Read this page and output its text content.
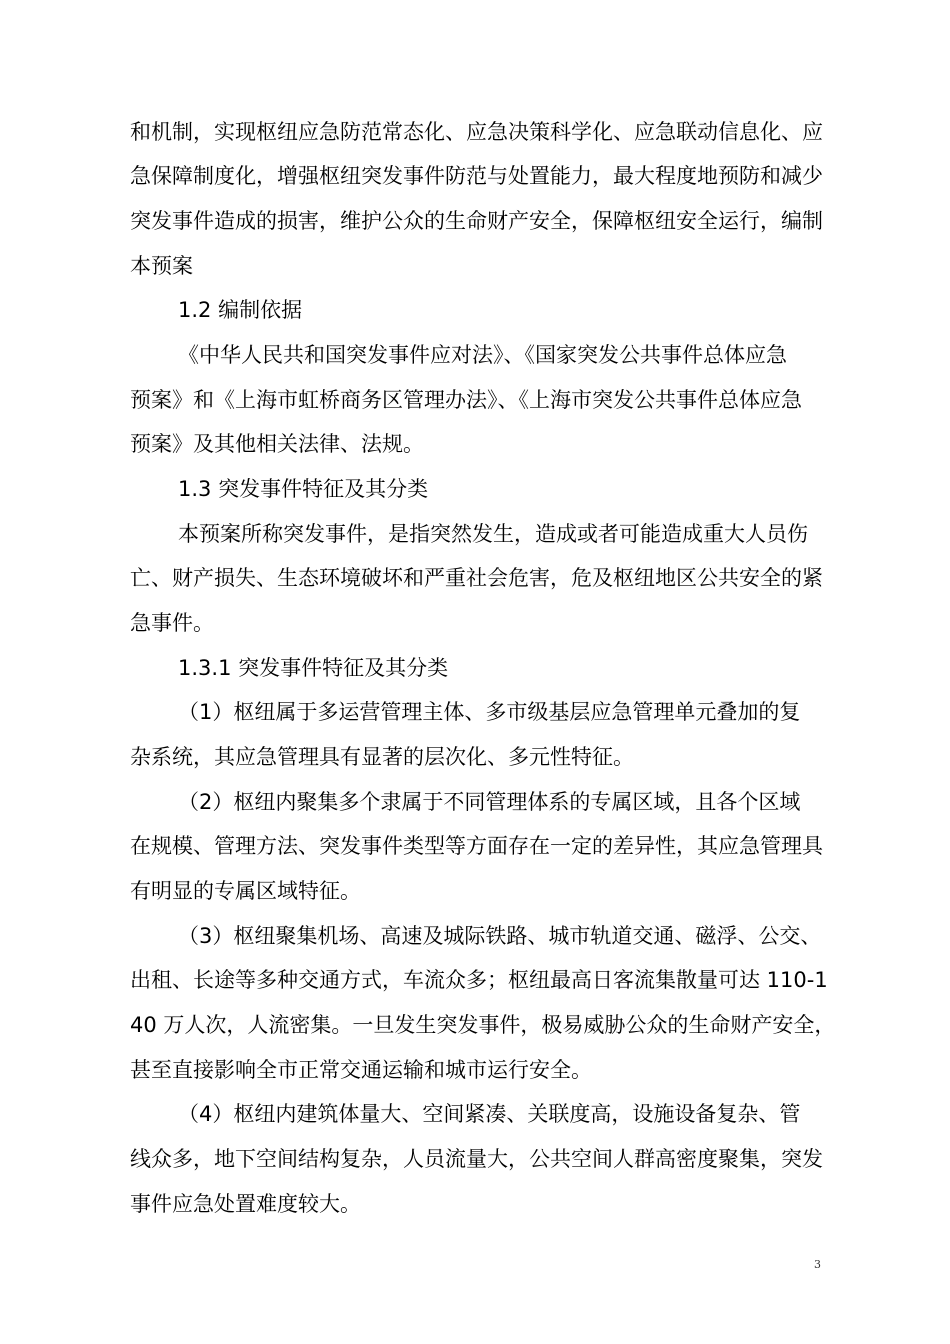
和机制，实现枢纽应急防范常态化、应急决策科学化、应急联动信息化、应
急保障制度化，增强枢纽突发事件防范与处置能力，最大程度地预防和减少
突发事件造成的损害，维护公众的生命财产安全，保障枢纽安全运行，编制
本预案
1.2 编制依据
《中华人民共和国突发事件应对法》、《国家突发公共事件总体应急
预案》和《上海市虹桥商务区管理办法》、《上海市突发公共事件总体应急
预案》及其他相关法律、法规。
1.3 突发事件特征及其分类
本预案所称突发事件，是指突然发生，造成或者可能造成重大人员伤
亡、财产损失、生态环境破坏和严重社会危害，危及枢纽地区公共安全的紧
急事件。
1.3.1 突发事件特征及其分类
（1）枢纽属于多运营管理主体、多市级基层应急管理单元叠加的复
杂系统，其应急管理具有显著的层次化、多元性特征。
（2）枢纽内聚集多个隶属于不同管理体系的专属区域，且各个区域
在规模、管理方法、突发事件类型等方面存在一定的差异性，其应急管理具
有明显的专属区域特征。
（3）枢纽聚集机场、高速及城际铁路、城市轨道交通、磁浮、公交、
出租、长途等多种交通方式，车流众多；枢纽最高日客流集散量可达 110-1
40 万人次，人流密集。一旦发生突发事件，极易威胁公众的生命财产安全，
甚至直接影响全市正常交通运输和城市运行安全。
（4）枢纽内建筑体量大、空间紧凑、关联度高，设施设备复杂、管
线众多，地下空间结构复杂，人员流量大，公共空间人群高密度聚集，突发
事件应急处置难度较大。
3
